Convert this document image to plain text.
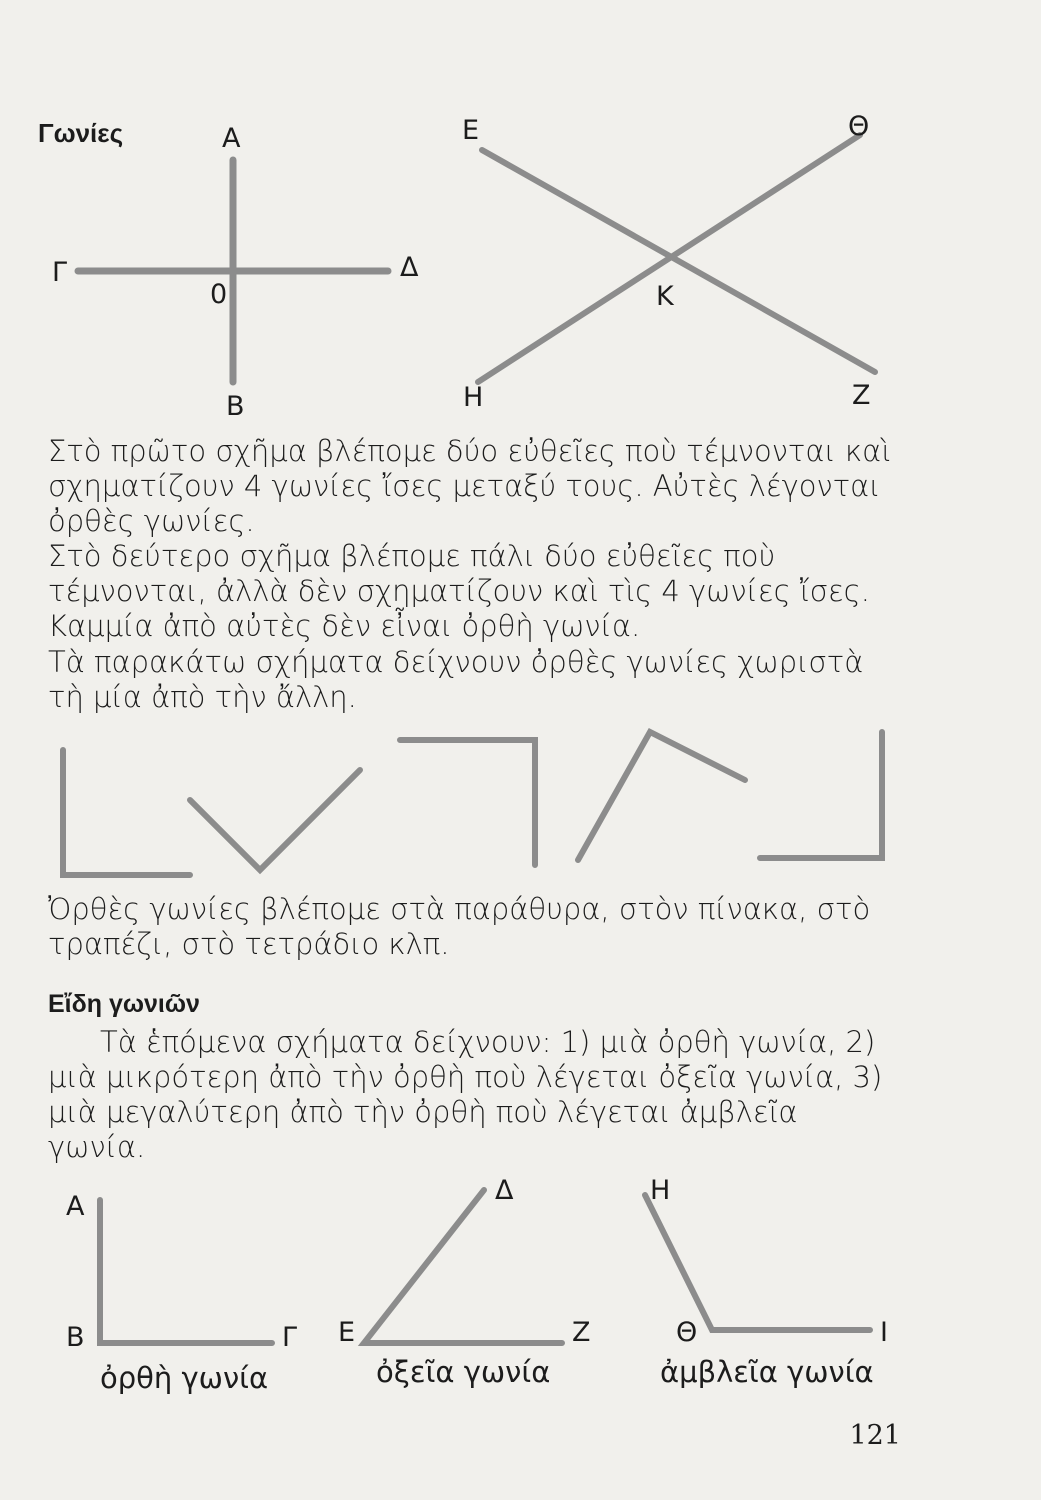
Γωνίες	Α
Β
Γ	Δ
0
Ε	Θ
Κ
Η	Ζ

Στὸ πρῶτο σχῆμα βλέπομε δύο εὐθεῖες ποὺ τέμνονται καὶ σχηματίζουν 4 γωνίες ἴσες μεταξύ τους. Αὐτὲς λέγονται ὀρθὲς γωνίες.

Στὸ δεύτερο σχῆμα βλέπομε πάλι δύο εὐθεῖες ποὺ τέμνονται, ἀλλὰ δὲν σχηματίζουν καὶ τὶς 4 γωνίες ἴσες. Καμμία ἀπὸ αὐτὲς δὲν εἶναι ὀρθὴ γωνία.

Τὰ παρακάτω σχήματα δείχνουν ὀρθὲς γωνίες χωριστὰ τὴ μία ἀπὸ τὴν ἄλλη.

Ὀρθὲς γωνίες βλέπομε στὰ παράθυρα, στὸν πίνακα, στὸ τραπέζι, στὸ τετράδιο κλπ.

Εἴδη γωνιῶν

Τὰ ἑπόμενα σχήματα δείχνουν: 1) μιὰ ὀρθὴ γωνία, 2) μιὰ μικρότερη ἀπὸ τὴν ὀρθὴ ποὺ λέγεται ὀξεῖα γωνία, 3) μιὰ μεγαλύτερη ἀπὸ τὴν ὀρθὴ ποὺ λέγεται ἀμβλεῖα γωνία.

Α
Β	Γ
Δ
Ε	Ζ
Η
Θ	Ι
ὀρθὴ γωνία	ὀξεῖα γωνία	ἀμβλεῖα γωνία
121
